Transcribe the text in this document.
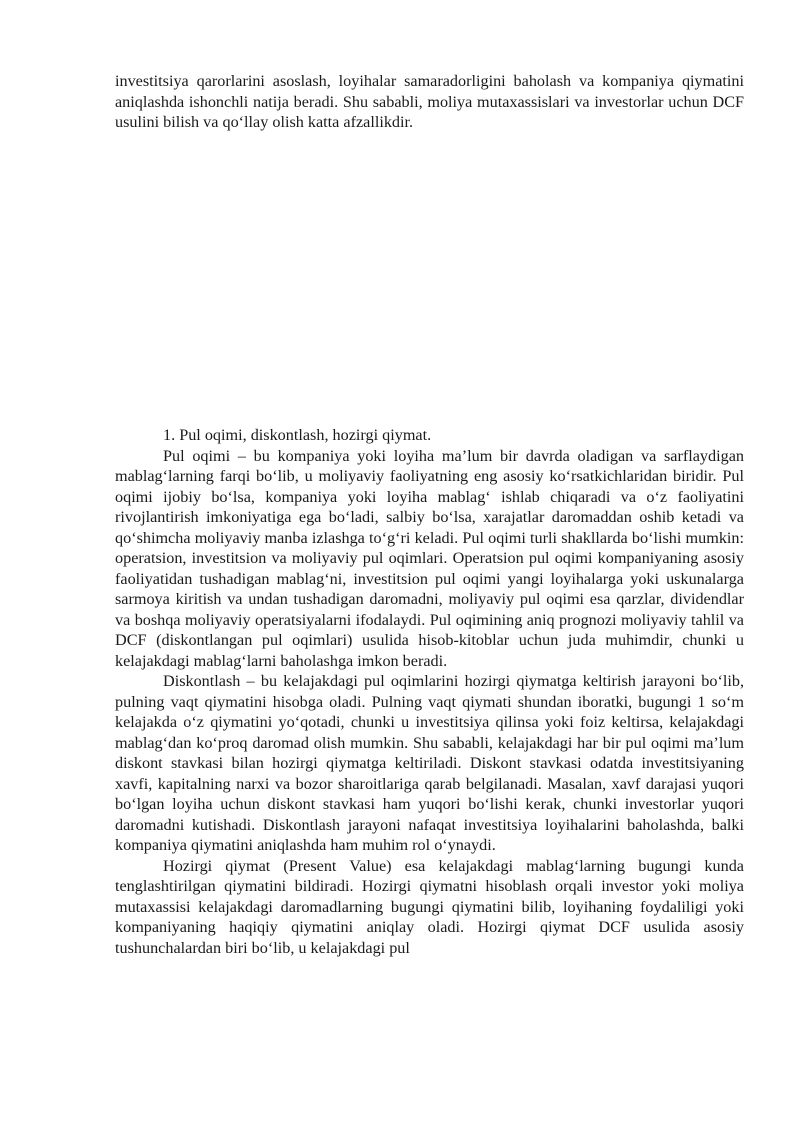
investitsiya qarorlarini asoslash, loyihalar samaradorligini baholash va kompaniya qiymatini aniqlashda ishonchli natija beradi. Shu sababli, moliya mutaxassislari va investorlar uchun DCF usulini bilish va qo‘llay olish katta afzallikdir.

1. Pul oqimi, diskontlash, hozirgi qiymat.

Pul oqimi – bu kompaniya yoki loyiha ma’lum bir davrda oladigan va sarflaydigan mablag‘larning farqi bo‘lib, u moliyaviy faoliyatning eng asosiy ko‘rsatkichlaridan biridir. Pul oqimi ijobiy bo‘lsa, kompaniya yoki loyiha mablag‘ ishlab chiqaradi va o‘z faoliyatini rivojlantirish imkoniyatiga ega bo‘ladi, salbiy bo‘lsa, xarajatlar daromaddan oshib ketadi va qo‘shimcha moliyaviy manba izlashga to‘g‘ri keladi. Pul oqimi turli shakllarda bo‘lishi mumkin: operatsion, investitsion va moliyaviy pul oqimlari. Operatsion pul oqimi kompaniyaning asosiy faoliyatidan tushadigan mablag‘ni, investitsion pul oqimi yangi loyihalarga yoki uskunalarga sarmoya kiritish va undan tushadigan daromadni, moliyaviy pul oqimi esa qarzlar, dividendlar va boshqa moliyaviy operatsiyalarni ifodalaydi. Pul oqimining aniq prognozi moliyaviy tahlil va DCF (diskontlangan pul oqimlari) usulida hisob-kitoblar uchun juda muhimdir, chunki u kelajakdagi mablag‘larni baholashga imkon beradi.

Diskontlash – bu kelajakdagi pul oqimlarini hozirgi qiymatga keltirish jarayoni bo‘lib, pulning vaqt qiymatini hisobga oladi. Pulning vaqt qiymati shundan iboratki, bugungi 1 so‘m kelajakda o‘z qiymatini yo‘qotadi, chunki u investitsiya qilinsa yoki foiz keltirsa, kelajakdagi mablag‘dan ko‘proq daromad olish mumkin. Shu sababli, kelajakdagi har bir pul oqimi ma’lum diskont stavkasi bilan hozirgi qiymatga keltiriladi. Diskont stavkasi odatda investitsiyaning xavfi, kapitalning narxi va bozor sharoitlariga qarab belgilanadi. Masalan, xavf darajasi yuqori bo‘lgan loyiha uchun diskont stavkasi ham yuqori bo‘lishi kerak, chunki investorlar yuqori daromadni kutishadi. Diskontlash jarayoni nafaqat investitsiya loyihalarini baholashda, balki kompaniya qiymatini aniqlashda ham muhim rol o‘ynaydi.

Hozirgi qiymat (Present Value) esa kelajakdagi mablag‘larning bugungi kunda tenglashtirilgan qiymatini bildiradi. Hozirgi qiymatni hisoblash orqali investor yoki moliya mutaxassisi kelajakdagi daromadlarning bugungi qiymatini bilib, loyihaning foydaliligi yoki kompaniyaning haqiqiy qiymatini aniqlay oladi. Hozirgi qiymat DCF usulida asosiy tushunchalardan biri bo‘lib, u kelajakdagi pul
